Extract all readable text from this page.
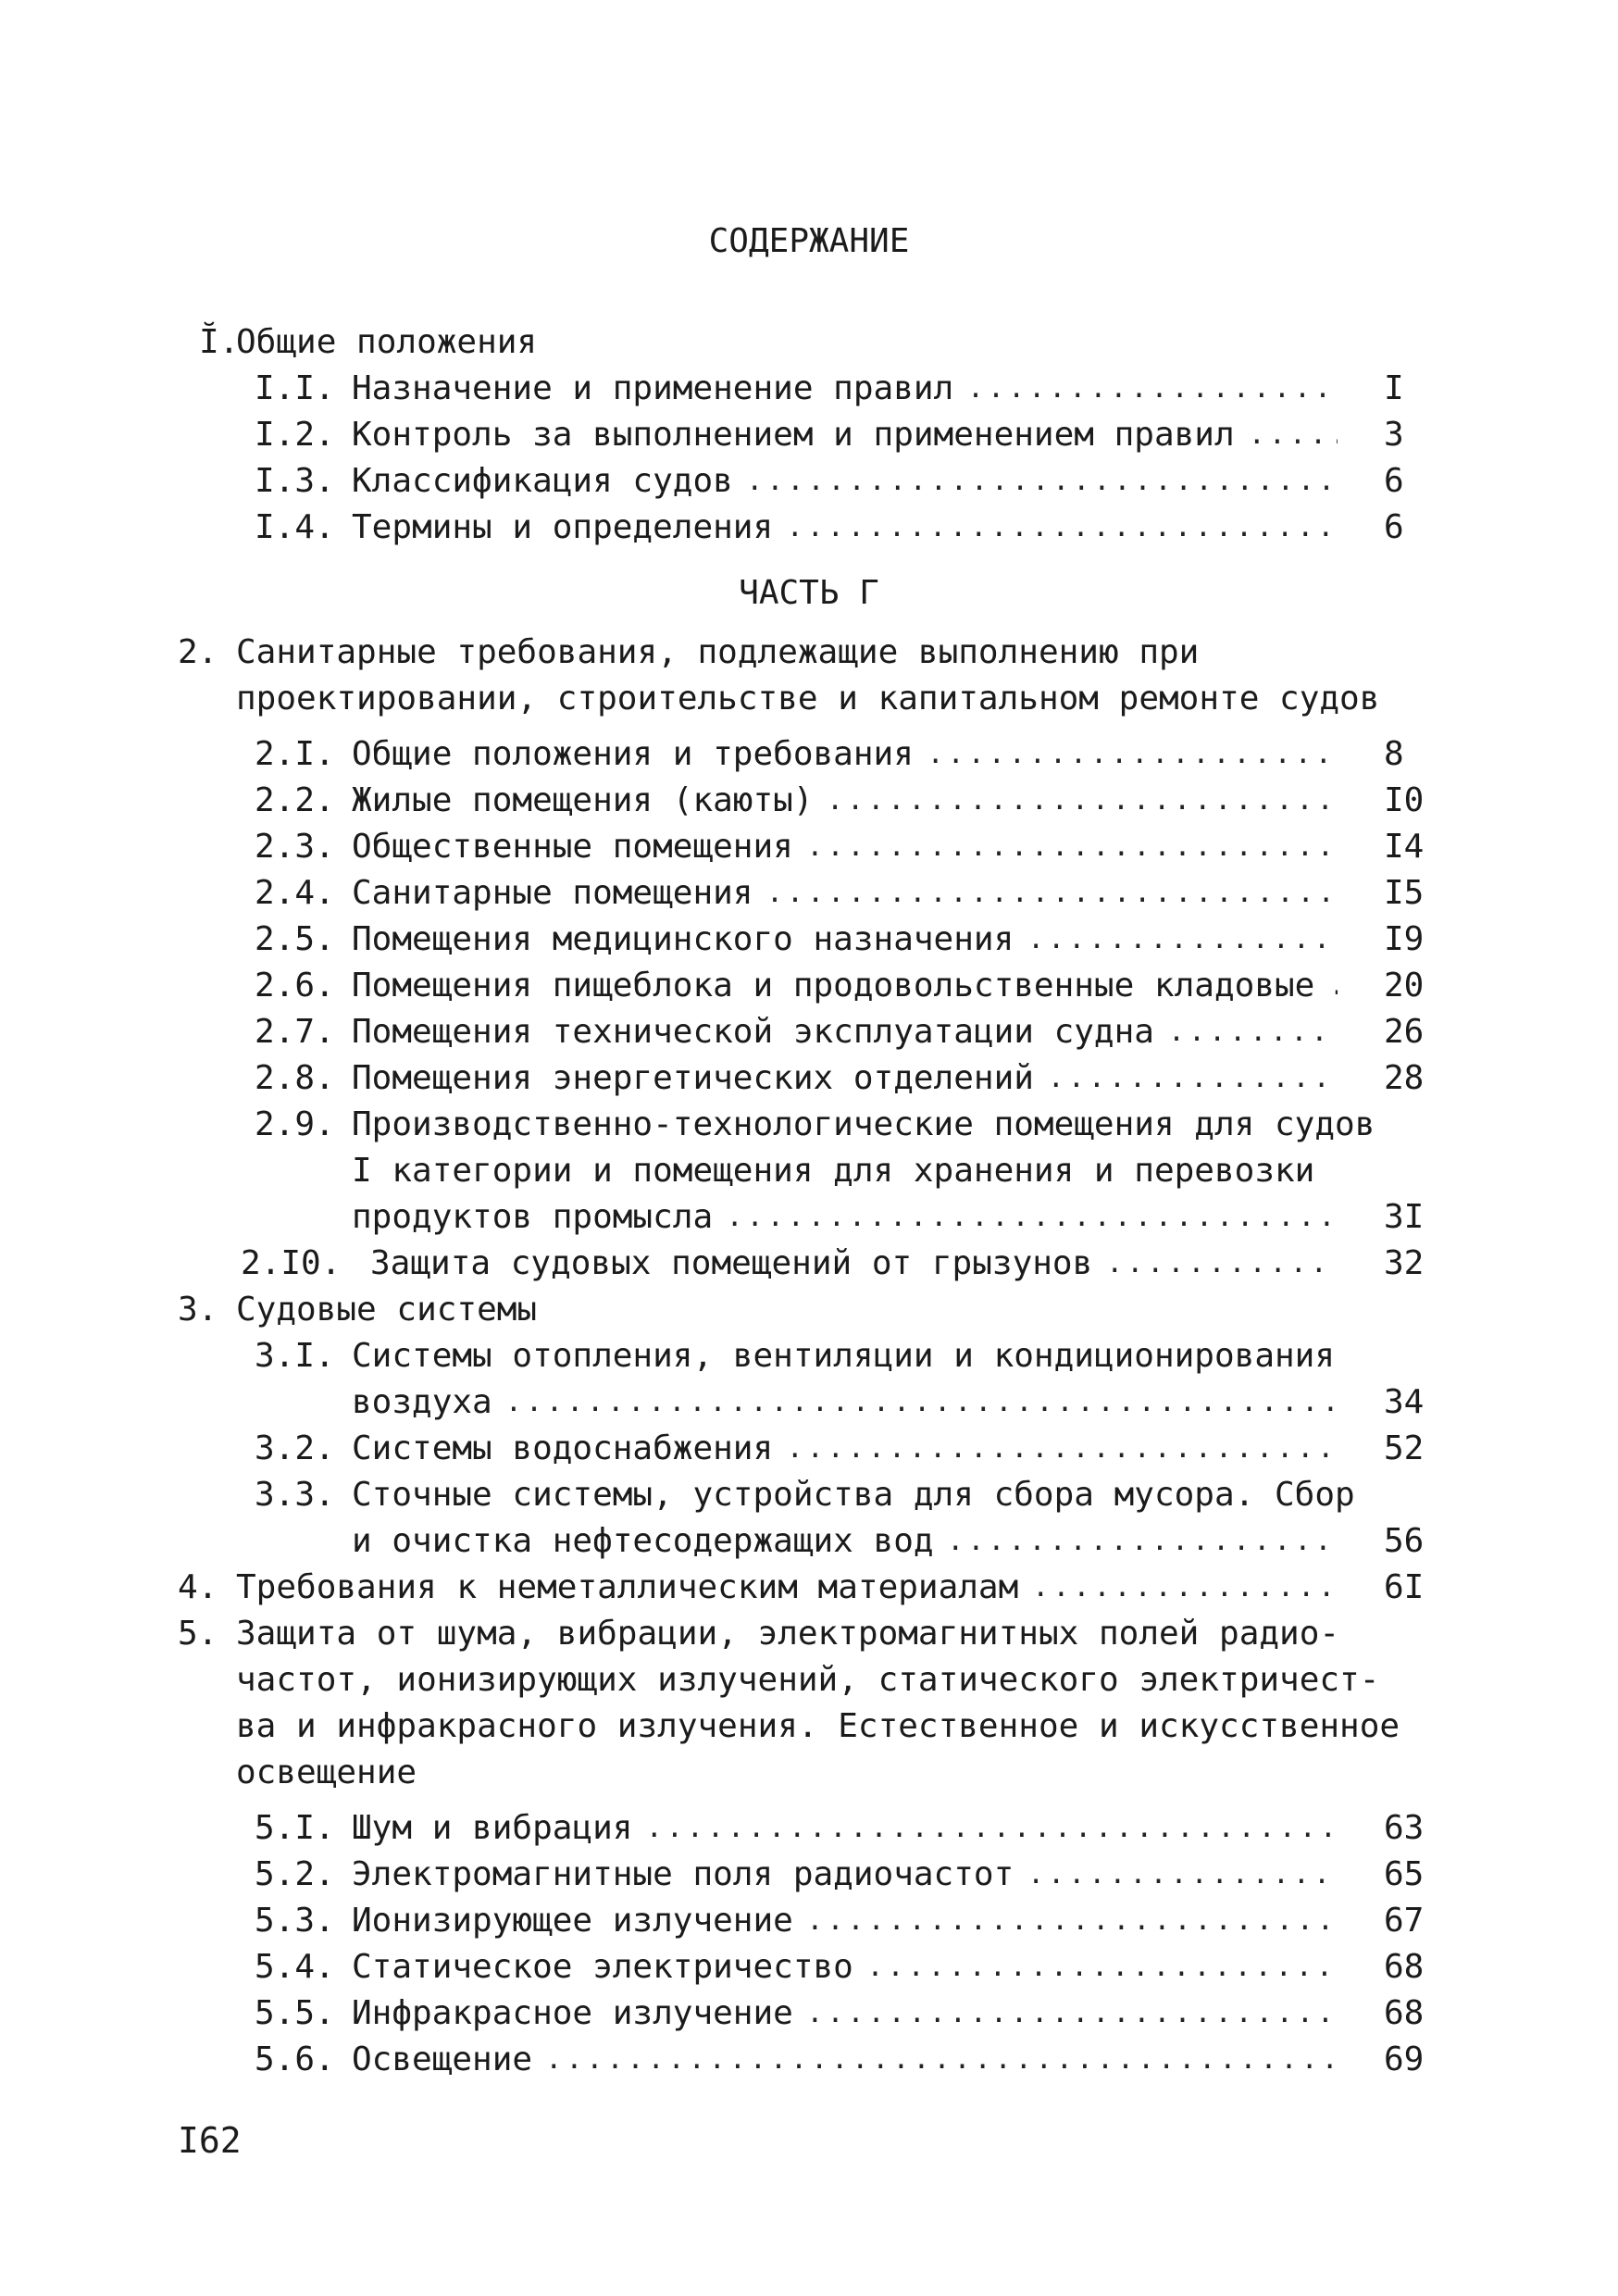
СОДЕРЖАНИЕ
ЧАСТЬ Г
Ĭ.
Общие положения
I.I. Назначение и применение правил .....	I
I.2. Контроль за выполнением и применением правил .....	3
I.3. Классификация судов .....	6
I.4. Термины и определения .....	6
2. Санитарные требования, подлежащие выполнению при
проектировании, строительстве и капитальном ремонте судов
2.I. Общие положения и требования .....	8
2.2. Жилые помещения (каюты) .....	I0
2.3. Общественные помещения .....	I4
2.4. Санитарные помещения .....	I5
2.5. Помещения медицинского назначения .....	I9
2.6. Помещения пищеблока и продовольственные кладовые ..... 20
2.7. Помещения технической эксплуатации судна .....	26
2.8. Помещения энергетических отделений .....	28
2.9. Производственно-технологические помещения для судов
I категории и помещения для хранения и перевозки
продуктов промысла .....	3I
2.I0. Защита судовых помещений от грызунов .....	32
3. Судовые системы
3.I. Системы отопления, вентиляции и кондиционирования
воздуха .....	34
3.2. Системы водоснабжения .....	52
3.3. Сточные системы, устройства для сбора мусора. Сбор
и очистка нефтесодержащих вод .....	56
4. Требования к неметаллическим материалам .....	6I
5. Защита от шума, вибрации, электромагнитных полей радио-
частот, ионизирующих излучений, статического электричест-
ва и инфракрасного излучения. Естественное и искусственное
освещение
5.I. Шум и вибрация .....	63
5.2. Электромагнитные поля радиочастот .....	65
5.3. Ионизирующее излучение .....	67
5.4. Статическое электричество .....	68
5.5. Инфракрасное излучение .....	68
5.6. Освещение .....	69
I62
